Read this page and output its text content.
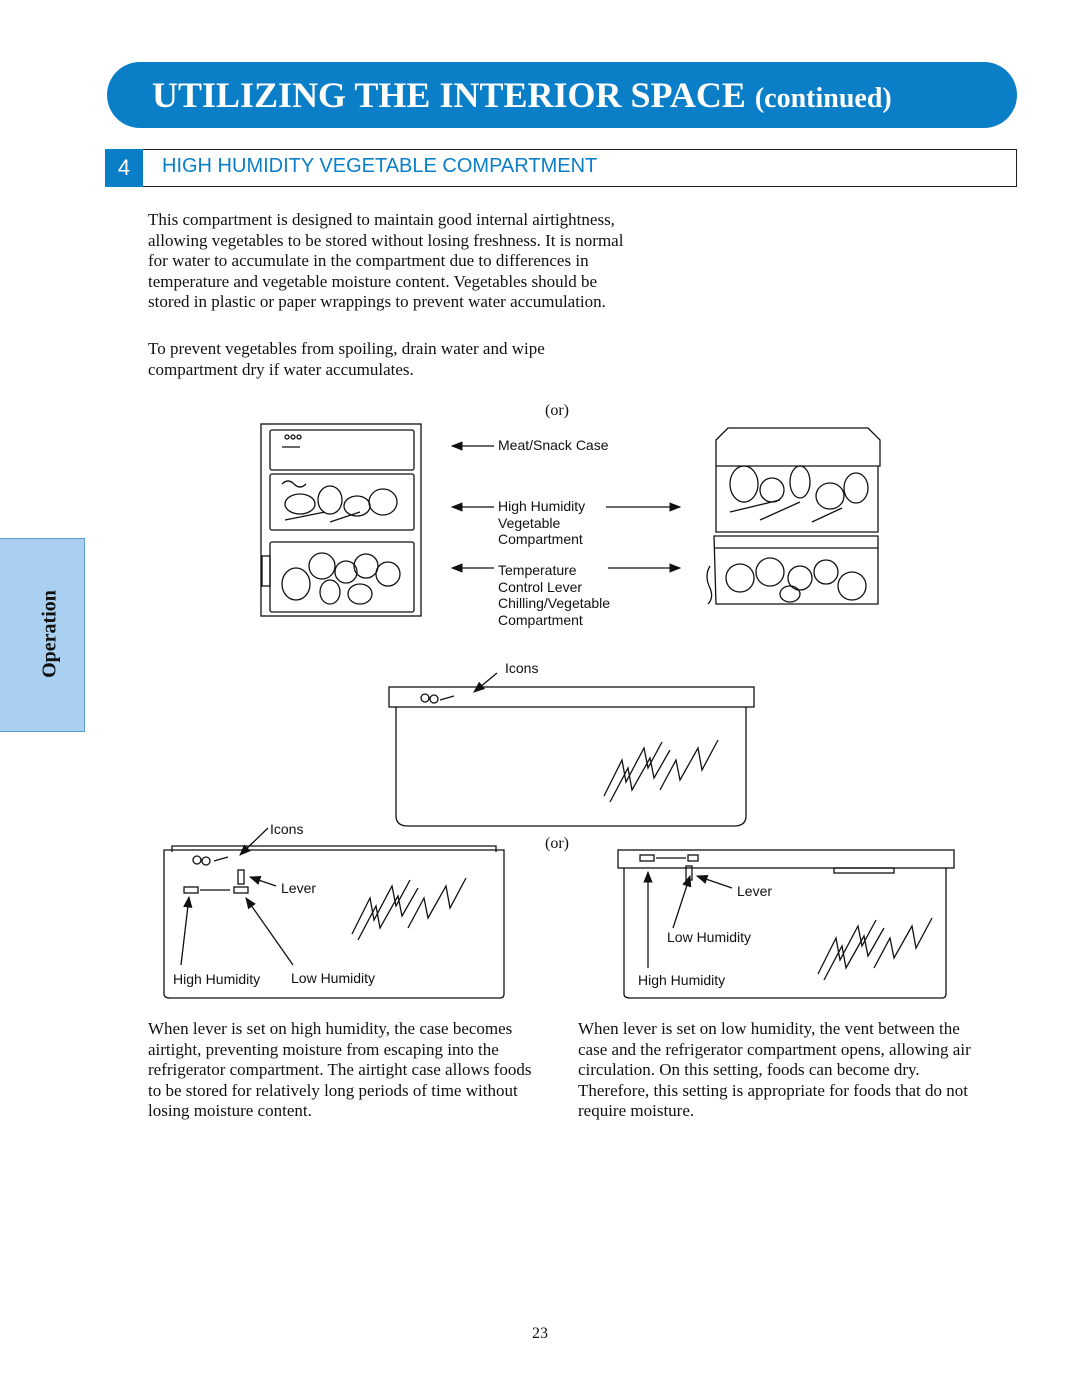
UTILIZING THE INTERIOR SPACE (continued)
4	HIGH HUMIDITY VEGETABLE COMPARTMENT
This compartment is designed to maintain good internal airtightness, allowing vegetables to be stored without losing freshness. It is normal for water to accumulate in the compartment due to differences in temperature and vegetable moisture content. Vegetables should be stored in plastic or paper wrappings to prevent water accumulation.
To prevent vegetables from spoiling, drain water and wipe compartment dry if water accumulates.
Operation
(or)
Meat/Snack Case
High Humidity
Vegetable
Compartment
Temperature
Control Lever
Chilling/Vegetable
Compartment
Icons
(or)
Icons
Lever
High Humidity Low Humidity
Lever
Low Humidity
High Humidity
When lever is set on high humidity, the case becomes airtight, preventing moisture from escaping into the refrigerator compartment. The airtight case allows foods to be stored for relatively long periods of time without losing moisture content.
When lever is set on low humidity, the vent between the case and the refrigerator compartment opens, allowing air circulation. On this setting, foods can become dry. Therefore, this setting is appropriate for foods that do not require moisture.
23
